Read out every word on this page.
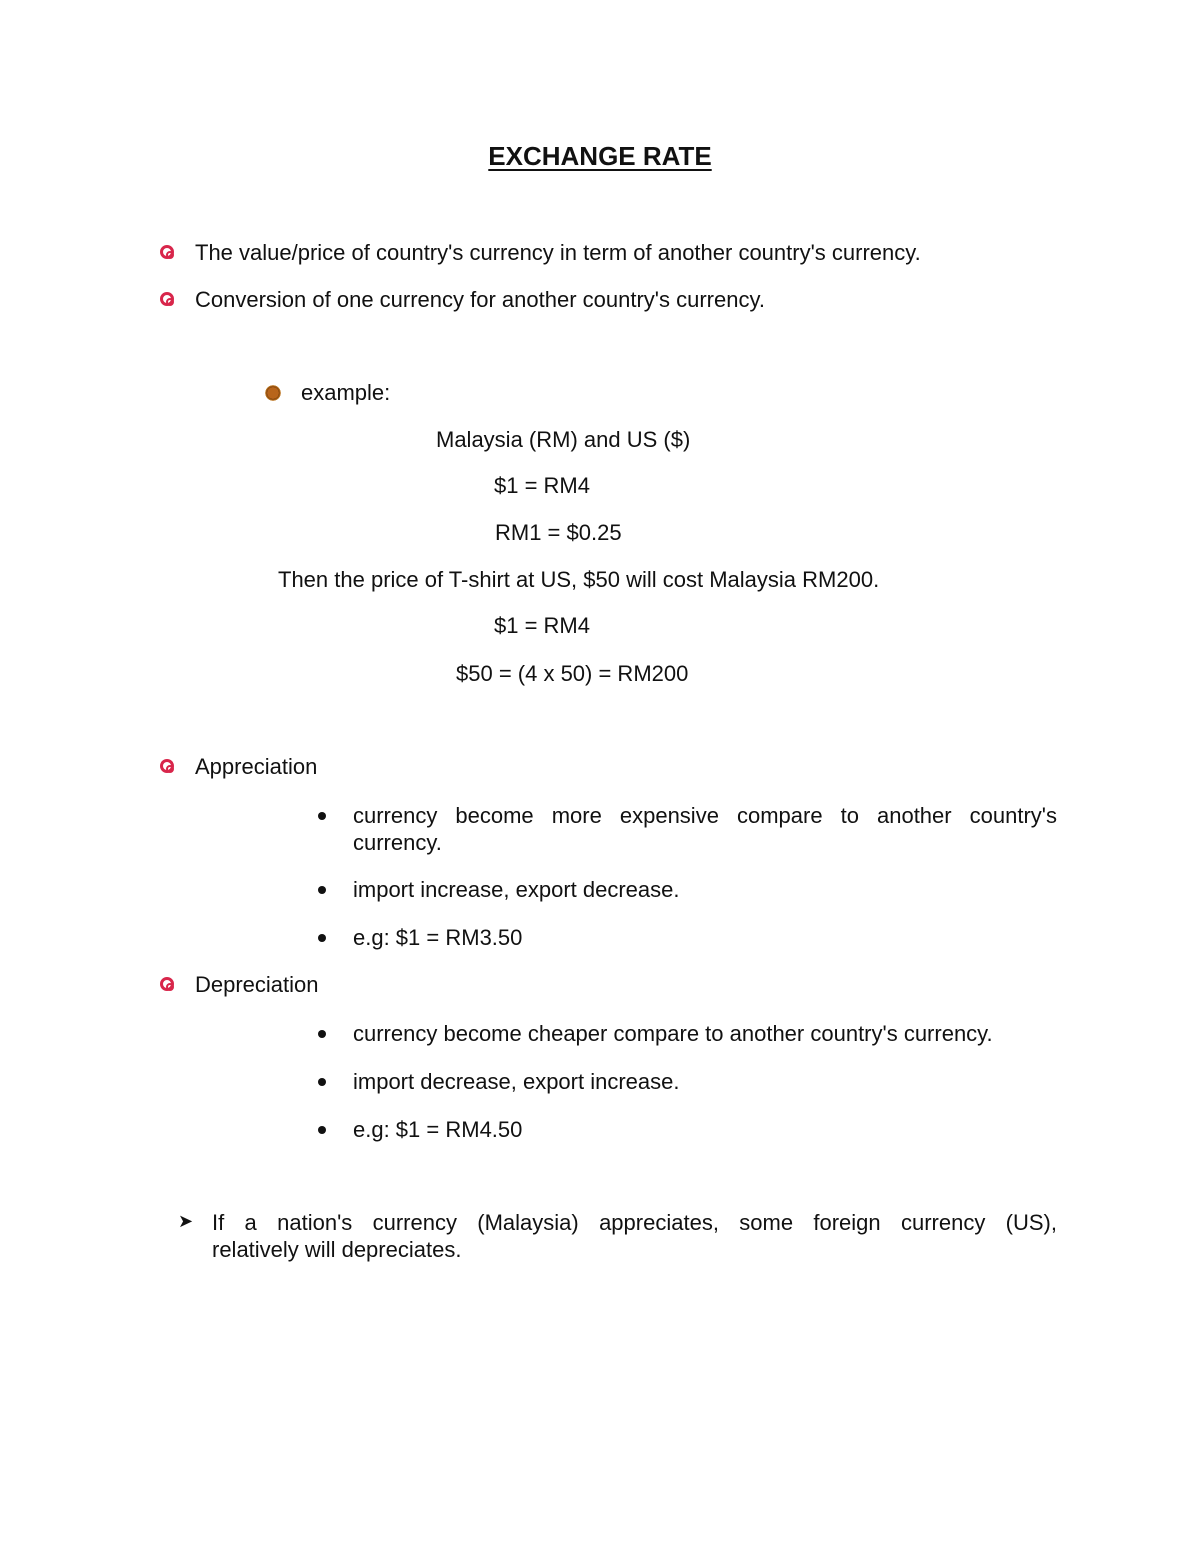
EXCHANGE RATE
The value/price of country's currency in term of another country's currency.
Conversion of one currency for another country's currency.
example:
Malaysia (RM) and US ($)
$1 = RM4
RM1 = $0.25
Then the price of T-shirt at US, $50 will cost Malaysia RM200.
$1 = RM4
$50 = (4 x 50) = RM200
Appreciation
currency become more expensive compare to another country's
currency.
import increase, export decrease.
e.g: $1 = RM3.50
Depreciation
currency become cheaper compare to another country's currency.
import decrease, export increase.
e.g: $1 = RM4.50
➤ If a nation's currency (Malaysia) appreciates, some foreign currency (US),
relatively will depreciates.
